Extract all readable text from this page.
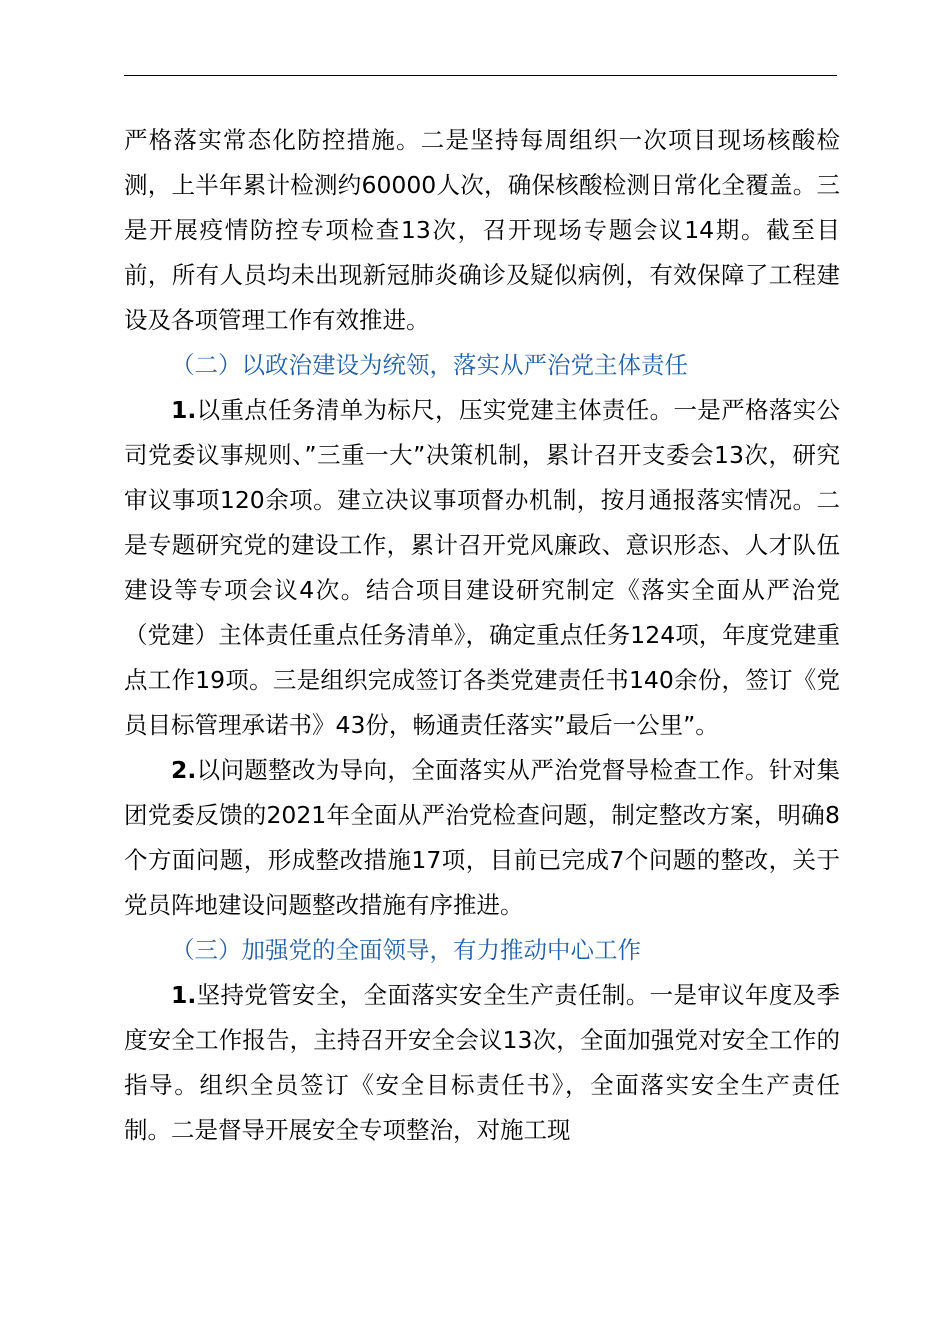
严格落实常态化防控措施。二是坚持每周组织一次项目现场核酸检测，上半年累计检测约60000人次，确保核酸检测日常化全覆盖。三是开展疫情防控专项检查13次，召开现场专题会议14期。截至目前，所有人员均未出现新冠肺炎确诊及疑似病例，有效保障了工程建设及各项管理工作有效推进。

（二）以政治建设为统领，落实从严治党主体责任

1.以重点任务清单为标尺，压实党建主体责任。一是严格落实公司党委议事规则、”三重一大”决策机制，累计召开支委会13次，研究审议事项120余项。建立决议事项督办机制，按月通报落实情况。二是专题研究党的建设工作，累计召开党风廉政、意识形态、人才队伍建设等专项会议4次。结合项目建设研究制定《落实全面从严治党（党建）主体责任重点任务清单》，确定重点任务124项，年度党建重点工作19项。三是组织完成签订各类党建责任书140余份，签订《党员目标管理承诺书》43份，畅通责任落实”最后一公里”。

2.以问题整改为导向，全面落实从严治党督导检查工作。针对集团党委反馈的2021年全面从严治党检查问题，制定整改方案，明确8个方面问题，形成整改措施17项，目前已完成7个问题的整改，关于党员阵地建设问题整改措施有序推进。

（三）加强党的全面领导，有力推动中心工作

1.坚持党管安全，全面落实安全生产责任制。一是审议年度及季度安全工作报告，主持召开安全会议13次，全面加强党对安全工作的指导。组织全员签订《安全目标责任书》，全面落实安全生产责任制。二是督导开展安全专项整治，对施工现
